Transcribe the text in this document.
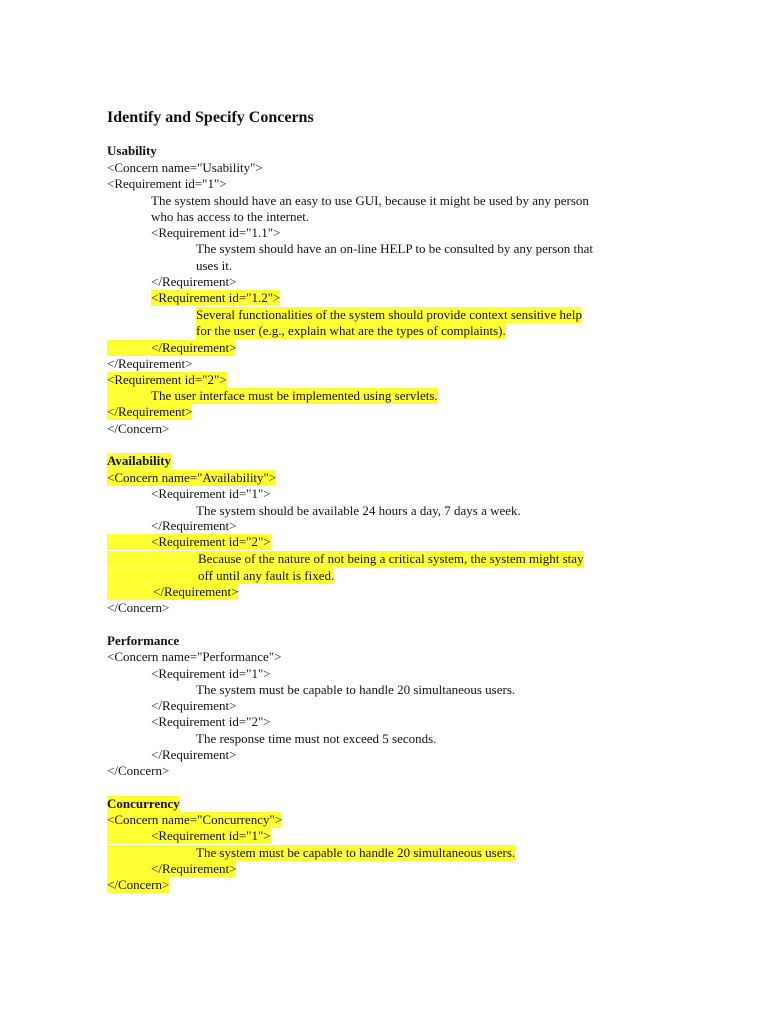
Identify and Specify Concerns
Usability
<Concern name="Usability">
<Requirement id="1">
The system should have an easy to use GUI, because it might be used by any person
who has access to the internet.
<Requirement id="1.1">
The system should have an on-line HELP to be consulted by any person that
uses it.
</Requirement>
<Requirement id="1.2">
Several functionalities of the system should provide context sensitive help
for the user (e.g., explain what are the types of complaints).
</Requirement>
</Requirement>
<Requirement id="2">
The user interface must be implemented using servlets.
</Requirement>
</Concern>
Availability
<Concern name="Availability">
<Requirement id="1">
The system should be available 24 hours a day, 7 days a week.
</Requirement>
<Requirement id="2">
Because of the nature of not being a critical system, the system might stay
off until any fault is fixed.
</Requirement>
</Concern>
Performance
<Concern name="Performance">
<Requirement id="1">
The system must be capable to handle 20 simultaneous users.
</Requirement>
<Requirement id="2">
The response time must not exceed 5 seconds.
</Requirement>
</Concern>
Concurrency
<Concern name="Concurrency">
<Requirement id="1">
The system must be capable to handle 20 simultaneous users.
</Requirement>
</Concern>
